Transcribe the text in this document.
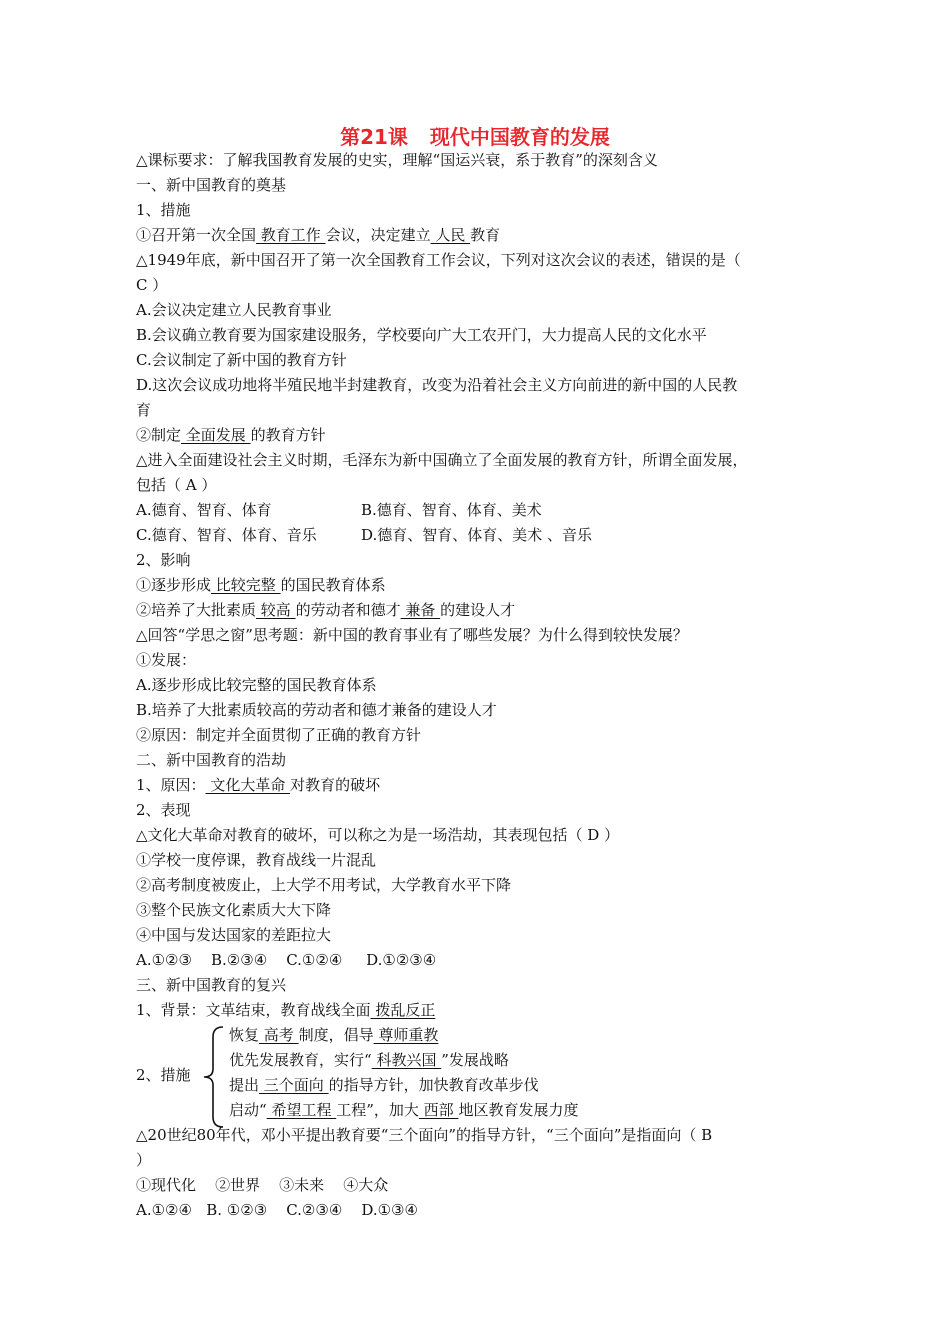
第21课 现代中国教育的发展
△课标要求：了解我国教育发展的史实，理解“国运兴衰，系于教育”的深刻含义
一、新中国教育的奠基
1、措施
①召开第一次全国 教育工作 会议，决定建立 人民 教育
△1949年底，新中国召开了第一次全国教育工作会议，下列对这次会议的表述，错误的是（
C ）
A.会议决定建立人民教育事业
B.会议确立教育要为国家建设服务，学校要向广大工农开门，大力提高人民的文化水平
C.会议制定了新中国的教育方针
D.这次会议成功地将半殖民地半封建教育，改变为沿着社会主义方向前进的新中国的人民教
育
②制定 全面发展 的教育方针
△进入全面建设社会主义时期，毛泽东为新中国确立了全面发展的教育方针，所谓全面发展，
包括（ A ）
A.德育、智育、体育	B.德育、智育、体育、美术
C.德育、智育、体育、音乐	D.德育、智育、体育、美术 、音乐
2、影响
①逐步形成 比较完整 的国民教育体系
②培养了大批素质 较高 的劳动者和德才 兼备 的建设人才
△回答“学思之窗”思考题：新中国的教育事业有了哪些发展？为什么得到较快发展？
①发展：
A.逐步形成比较完整的国民教育体系
B.培养了大批素质较高的劳动者和德才兼备的建设人才
②原因：制定并全面贯彻了正确的教育方针
二、新中国教育的浩劫
1、原因： 文化大革命 对教育的破坏
2、表现
△文化大革命对教育的破坏，可以称之为是一场浩劫，其表现包括（ D ）
①学校一度停课，教育战线一片混乱
②高考制度被废止，上大学不用考试，大学教育水平下降
③整个民族文化素质大大下降
④中国与发达国家的差距拉大
A.①②③    B.②③④    C.①②④     D.①②③④
三、新中国教育的复兴
1、背景：文革结束，教育战线全面 拨乱反正
2、措施
恢复 高考 制度，倡导 尊师重教
优先发展教育，实行“ 科教兴国 ”发展战略
提出 三个面向 的指导方针，加快教育改革步伐
启动“ 希望工程 工程”，加大 西部 地区教育发展力度
△20世纪80年代，邓小平提出教育要“三个面向”的指导方针，“三个面向”是指面向（ B
）
①现代化    ②世界    ③未来    ④大众
A.①②④   B. ①②③    C.②③④    D.①③④
